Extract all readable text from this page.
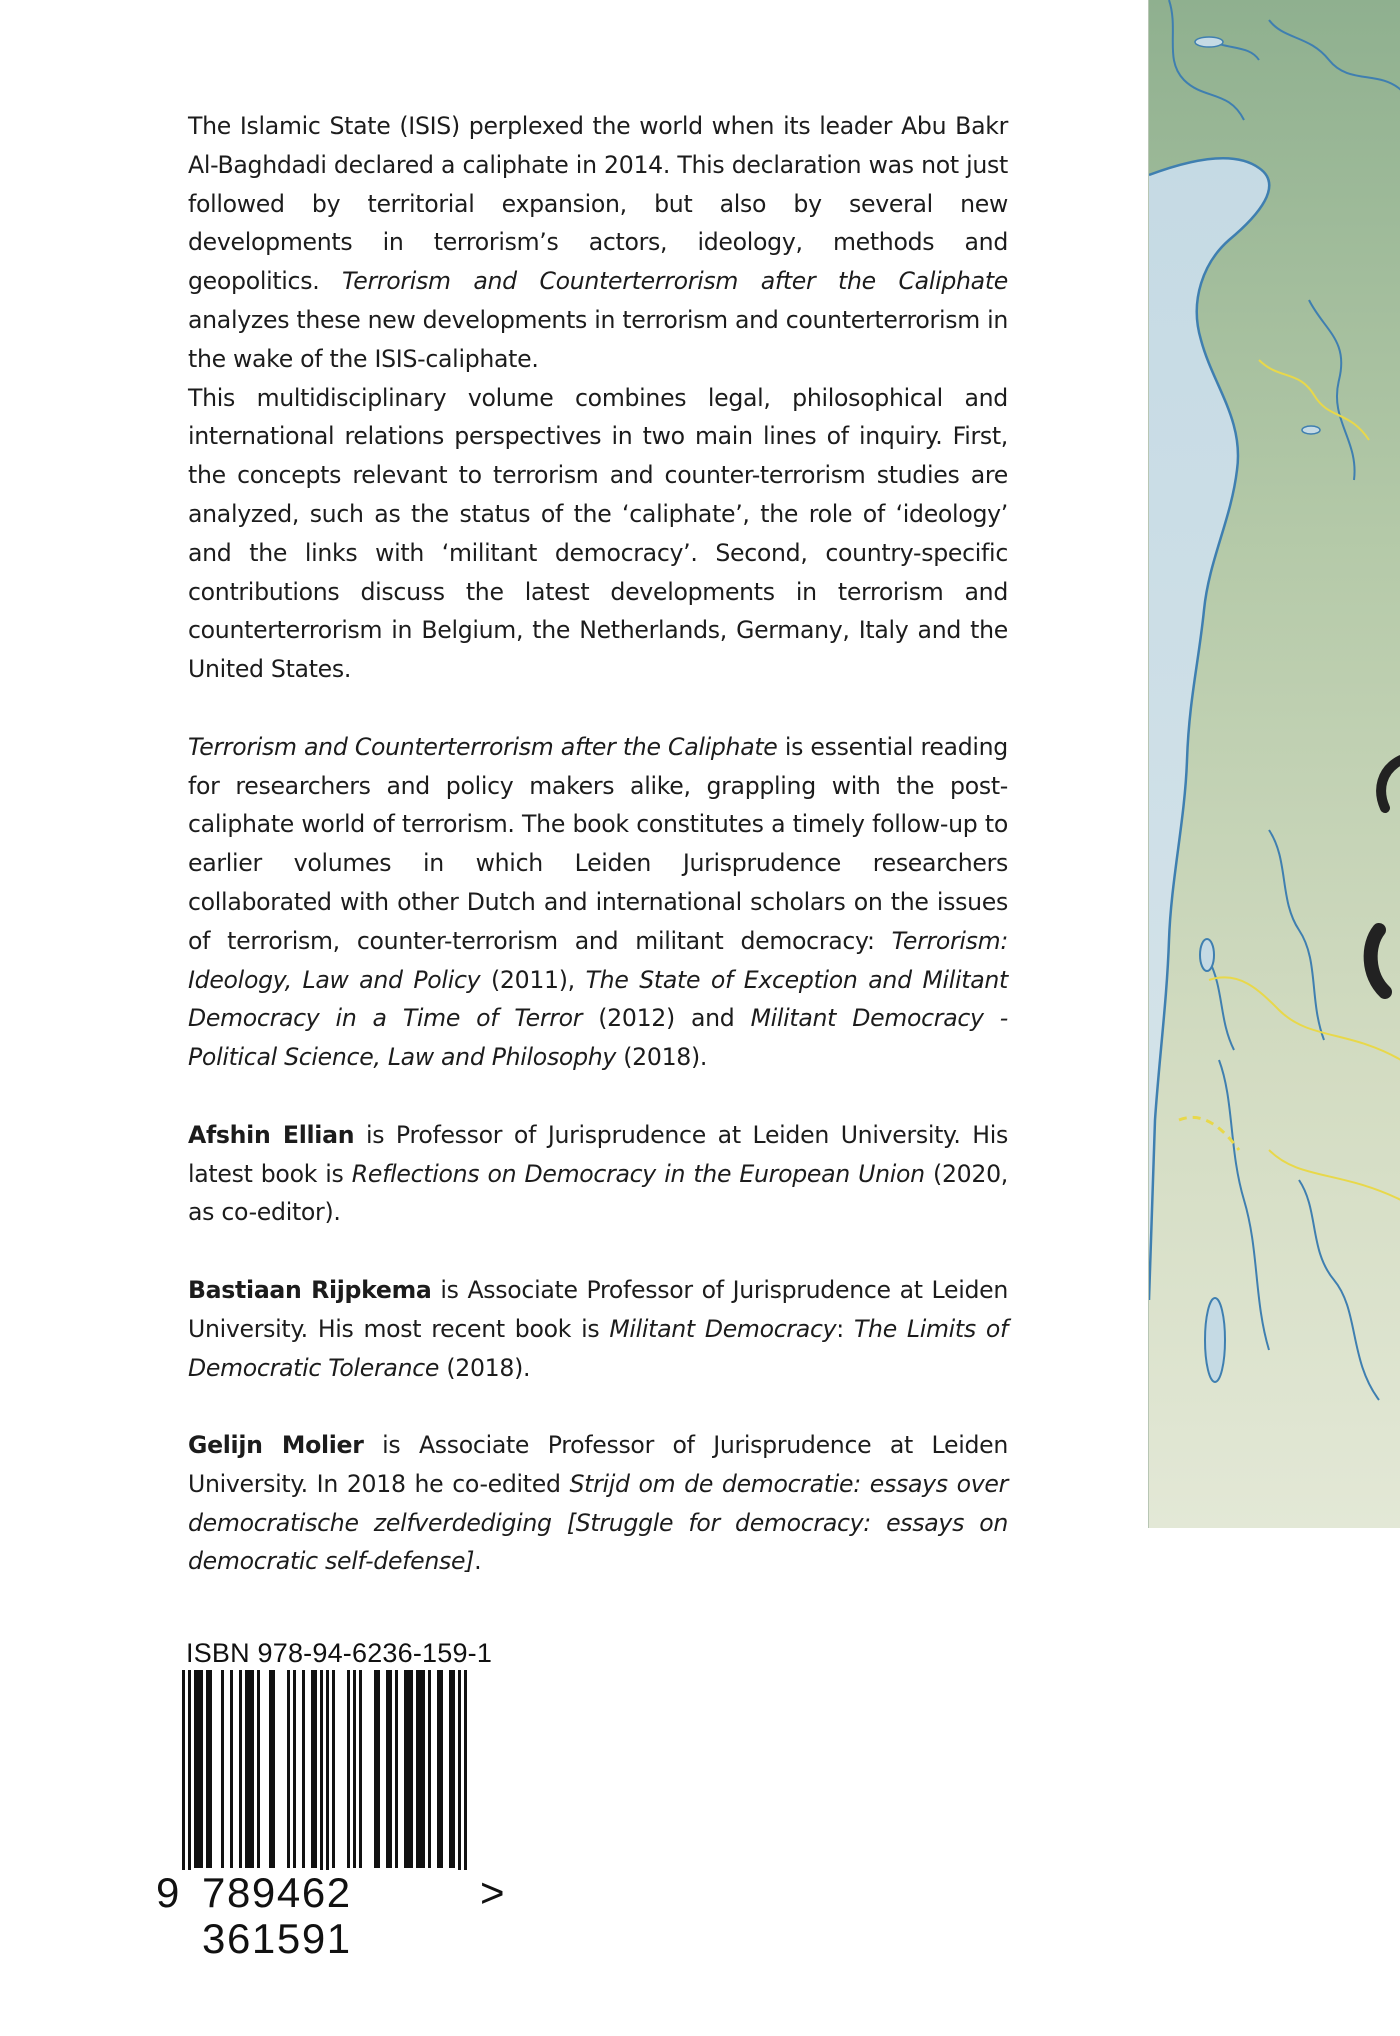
The Islamic State (ISIS) perplexed the world when its leader Abu Bakr Al-Baghdadi declared a caliphate in 2014. This declaration was not just followed by territorial expansion, but also by several new developments in terrorism’s actors, ideology, methods and geopolitics. Terrorism and Counterterrorism after the Caliphate analyzes these new developments in terrorism and counterterrorism in the wake of the ISIS-caliphate.

This multidisciplinary volume combines legal, philosophical and international relations perspectives in two main lines of inquiry. First, the concepts relevant to terrorism and counter-terrorism studies are analyzed, such as the status of the ‘caliphate’, the role of ‘ideology’ and the links with ‘militant democracy’. Second, country-specific contributions discuss the latest developments in terrorism and counterterrorism in Belgium, the Netherlands, Germany, Italy and the United States.

Terrorism and Counterterrorism after the Caliphate is essential reading for researchers and policy makers alike, grappling with the post-caliphate world of terrorism. The book constitutes a timely follow-up to earlier volumes in which Leiden Jurisprudence researchers collaborated with other Dutch and international scholars on the issues of terrorism, counter-terrorism and militant democracy: Terrorism: Ideology, Law and Policy (2011), The State of Exception and Militant Democracy in a Time of Terror (2012) and Militant Democracy - Political Science, Law and Philosophy (2018).

Afshin Ellian is Professor of Jurisprudence at Leiden University. His latest book is Reflections on Democracy in the European Union (2020, as co-editor).

Bastiaan Rijpkema is Associate Professor of Jurisprudence at Leiden University. His most recent book is Militant Democracy: The Limits of Democratic Tolerance (2018).

Gelijn Molier is Associate Professor of Jurisprudence at Leiden University. In 2018 he co-edited Strijd om de democratie: essays over democratische zelfverdediging [Struggle for democracy: essays on democratic self-defense].

ISBN 978-94-6236-159-1
9 789462  361591
>
